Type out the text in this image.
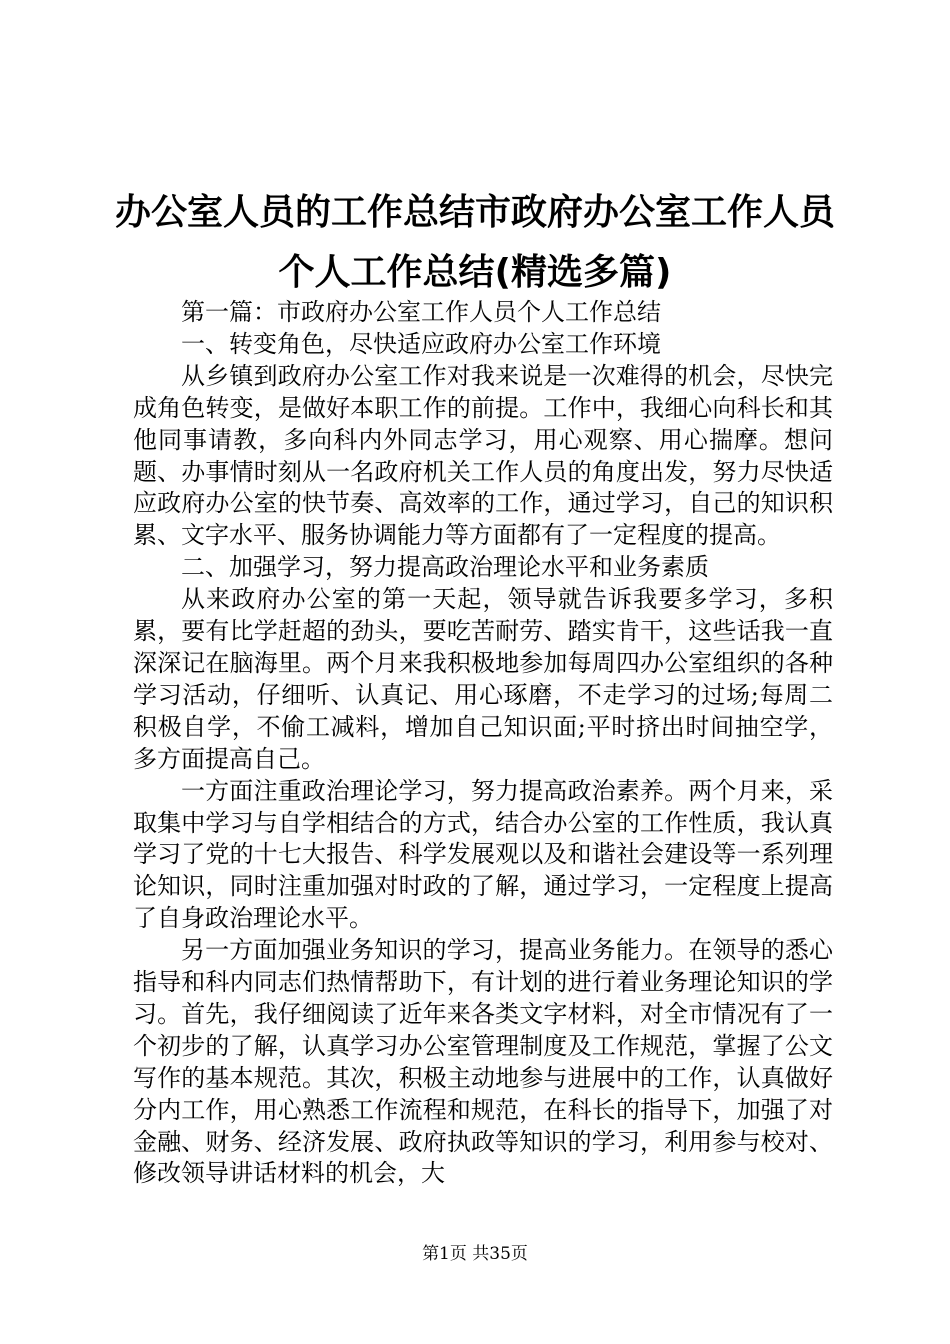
办公室人员的工作总结市政府办公室工作人员
个人工作总结(精选多篇)

第一篇：市政府办公室工作人员个人工作总结

一、转变角色，尽快适应政府办公室工作环境

从乡镇到政府办公室工作对我来说是一次难得的机会，尽快完成角色转变，是做好本职工作的前提。工作中，我细心向科长和其他同事请教，多向科内外同志学习，用心观察、用心揣摩。想问题、办事情时刻从一名政府机关工作人员的角度出发，努力尽快适应政府办公室的快节奏、高效率的工作，通过学习，自己的知识积累、文字水平、服务协调能力等方面都有了一定程度的提高。

二、加强学习，努力提高政治理论水平和业务素质

从来政府办公室的第一天起，领导就告诉我要多学习，多积累，要有比学赶超的劲头，要吃苦耐劳、踏实肯干，这些话我一直深深记在脑海里。两个月来我积极地参加每周四办公室组织的各种学习活动，仔细听、认真记、用心琢磨，不走学习的过场;每周二积极自学，不偷工减料，增加自己知识面;平时挤出时间抽空学，多方面提高自己。

一方面注重政治理论学习，努力提高政治素养。两个月来，采取集中学习与自学相结合的方式，结合办公室的工作性质，我认真学习了党的十七大报告、科学发展观以及和谐社会建设等一系列理论知识，同时注重加强对时政的了解，通过学习，一定程度上提高了自身政治理论水平。

另一方面加强业务知识的学习，提高业务能力。在领导的悉心指导和科内同志们热情帮助下，有计划的进行着业务理论知识的学习。首先，我仔细阅读了近年来各类文字材料，对全市情况有了一个初步的了解，认真学习办公室管理制度及工作规范，掌握了公文写作的基本规范。其次，积极主动地参与进展中的工作，认真做好分内工作，用心熟悉工作流程和规范，在科长的指导下，加强了对金融、财务、经济发展、政府执政等知识的学习，利用参与校对、修改领导讲话材料的机会，大

第1页 共35页
